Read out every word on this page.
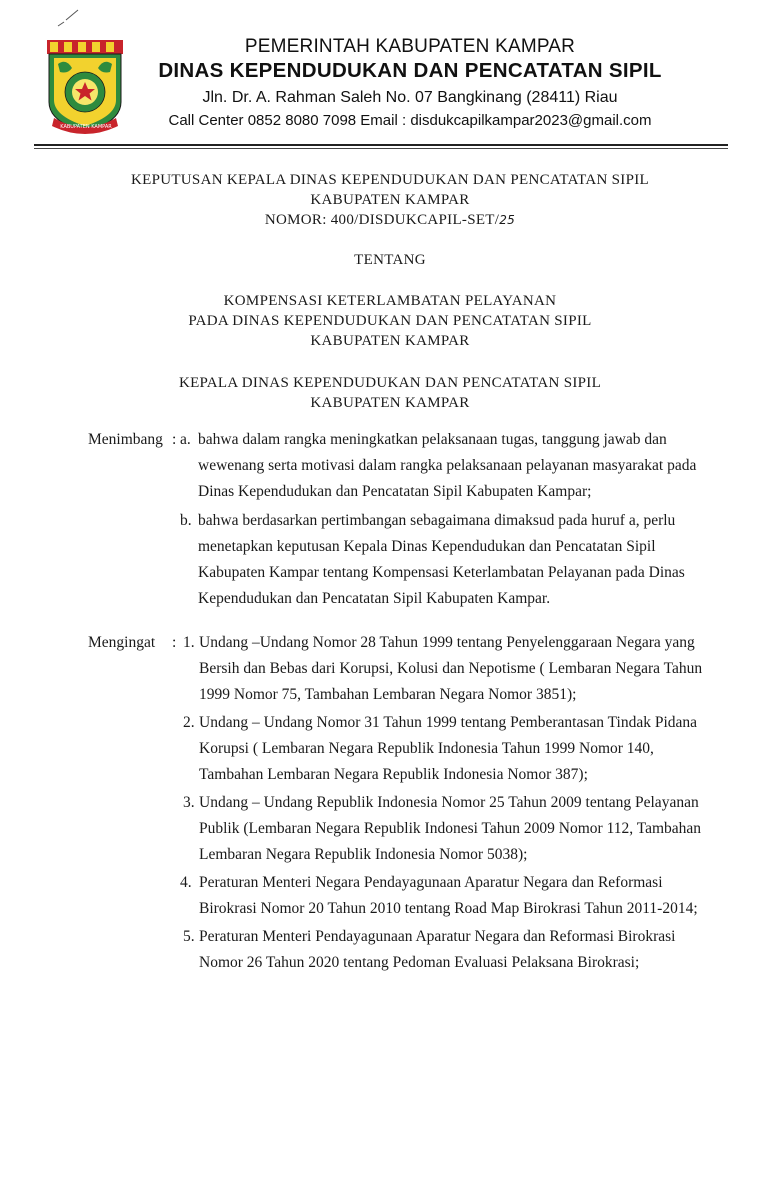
KABUPATEN KAMPAR
PEMERINTAH KABUPATEN KAMPAR
DINAS KEPENDUDUKAN DAN PENCATATAN SIPIL
Jln. Dr. A. Rahman Saleh No. 07 Bangkinang (28411) Riau
Call Center 0852 8080 7098 Email : disdukcapilkampar2023@gmail.com
KEPUTUSAN KEPALA DINAS KEPENDUDUKAN DAN PENCATATAN SIPIL
KABUPATEN KAMPAR
NOMOR: 400/DISDUKCAPIL-SET/25
TENTANG
KOMPENSASI KETERLAMBATAN PELAYANAN
PADA DINAS KEPENDUDUKAN DAN PENCATATAN SIPIL
KABUPATEN KAMPAR
KEPALA DINAS KEPENDUDUKAN DAN PENCATATAN SIPIL
KABUPATEN KAMPAR
Menimbang : a. bahwa dalam rangka meningkatkan pelaksanaan tugas, tanggung jawab dan
wewenang serta motivasi dalam rangka pelaksanaan pelayanan masyarakat pada
Dinas Kependudukan dan Pencatatan Sipil Kabupaten Kampar;
b. bahwa berdasarkan pertimbangan sebagaimana dimaksud pada huruf a, perlu
menetapkan keputusan Kepala Dinas Kependudukan dan Pencatatan Sipil
Kabupaten Kampar tentang Kompensasi Keterlambatan Pelayanan pada Dinas
Kependudukan dan Pencatatan Sipil Kabupaten Kampar.
Mengingat : 1. Undang –Undang Nomor 28 Tahun 1999 tentang Penyelenggaraan Negara yang
Bersih dan Bebas dari Korupsi, Kolusi dan Nepotisme ( Lembaran Negara Tahun
1999 Nomor 75, Tambahan Lembaran Negara Nomor 3851);
2. Undang – Undang Nomor 31 Tahun 1999 tentang Pemberantasan Tindak Pidana
Korupsi ( Lembaran Negara Republik Indonesia Tahun 1999 Nomor 140,
Tambahan Lembaran Negara Republik Indonesia Nomor 387);
3. Undang – Undang Republik Indonesia Nomor 25 Tahun 2009 tentang Pelayanan
Publik (Lembaran Negara Republik Indonesi Tahun 2009 Nomor 112, Tambahan
Lembaran Negara Republik Indonesia Nomor 5038);
4. Peraturan Menteri Negara Pendayagunaan Aparatur Negara dan Reformasi
Birokrasi Nomor 20 Tahun 2010 tentang Road Map Birokrasi Tahun 2011-2014;
5. Peraturan Menteri Pendayagunaan Aparatur Negara dan Reformasi Birokrasi
Nomor 26 Tahun 2020 tentang Pedoman Evaluasi Pelaksana Birokrasi;
